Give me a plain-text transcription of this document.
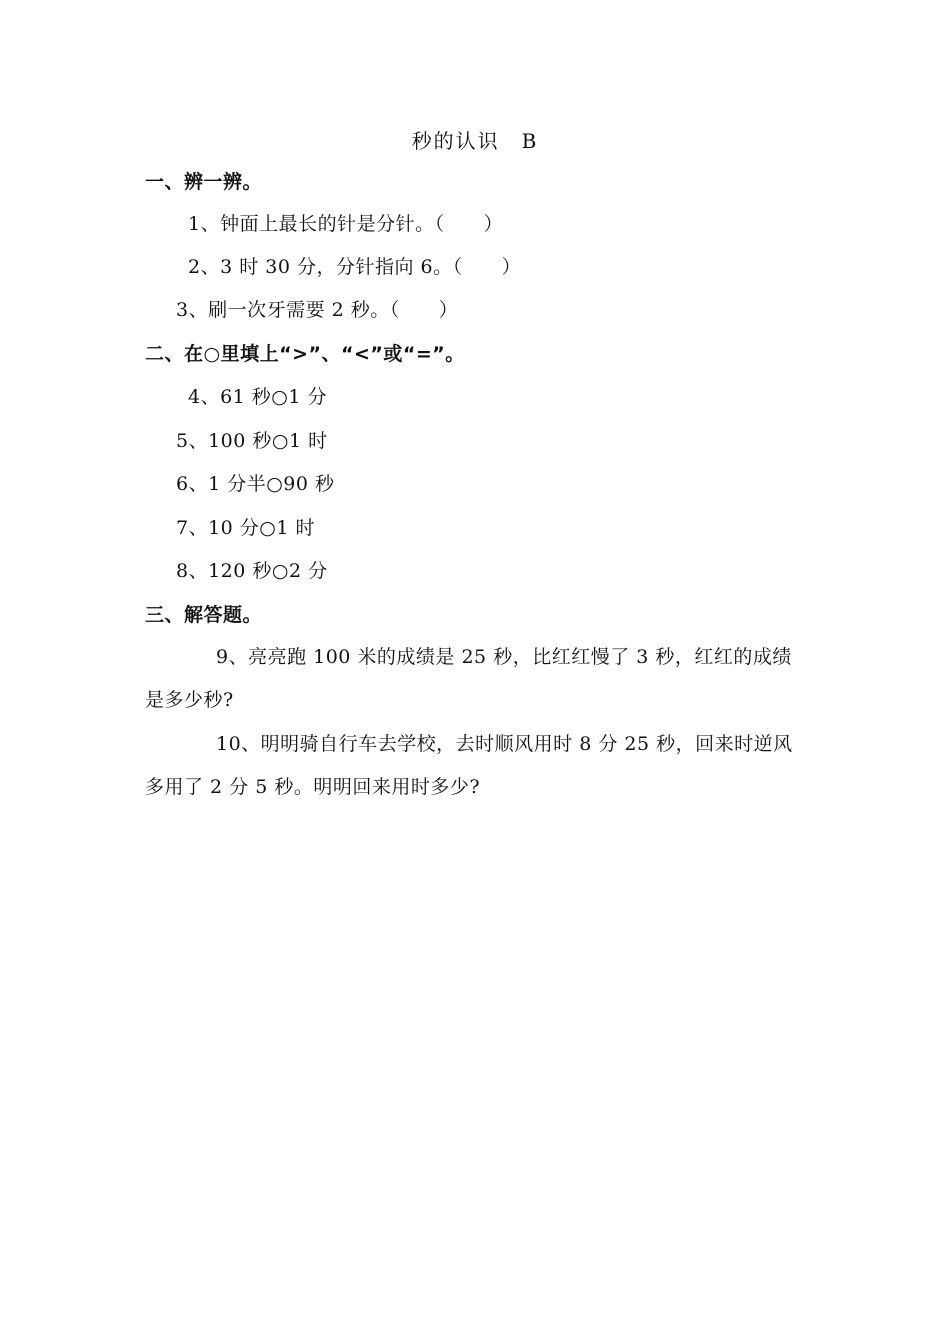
秒的认识　B
一、辨一辨。
1、钟面上最长的针是分针。（　　）
2、3 时 30 分，分针指向 6。（　　）
3、刷一次牙需要 2 秒。（　　）
二、在○里填上“>”、“<”或“=”。
4、61 秒○1 分
5、100 秒○1 时
6、1 分半○90 秒
7、10 分○1 时
8、120 秒○2 分
三、解答题。
9、亮亮跑 100 米的成绩是 25 秒，比红红慢了 3 秒，红红的成绩是多少秒?
10、明明骑自行车去学校，去时顺风用时 8 分 25 秒，回来时逆风多用了 2 分 5 秒。明明回来用时多少?
